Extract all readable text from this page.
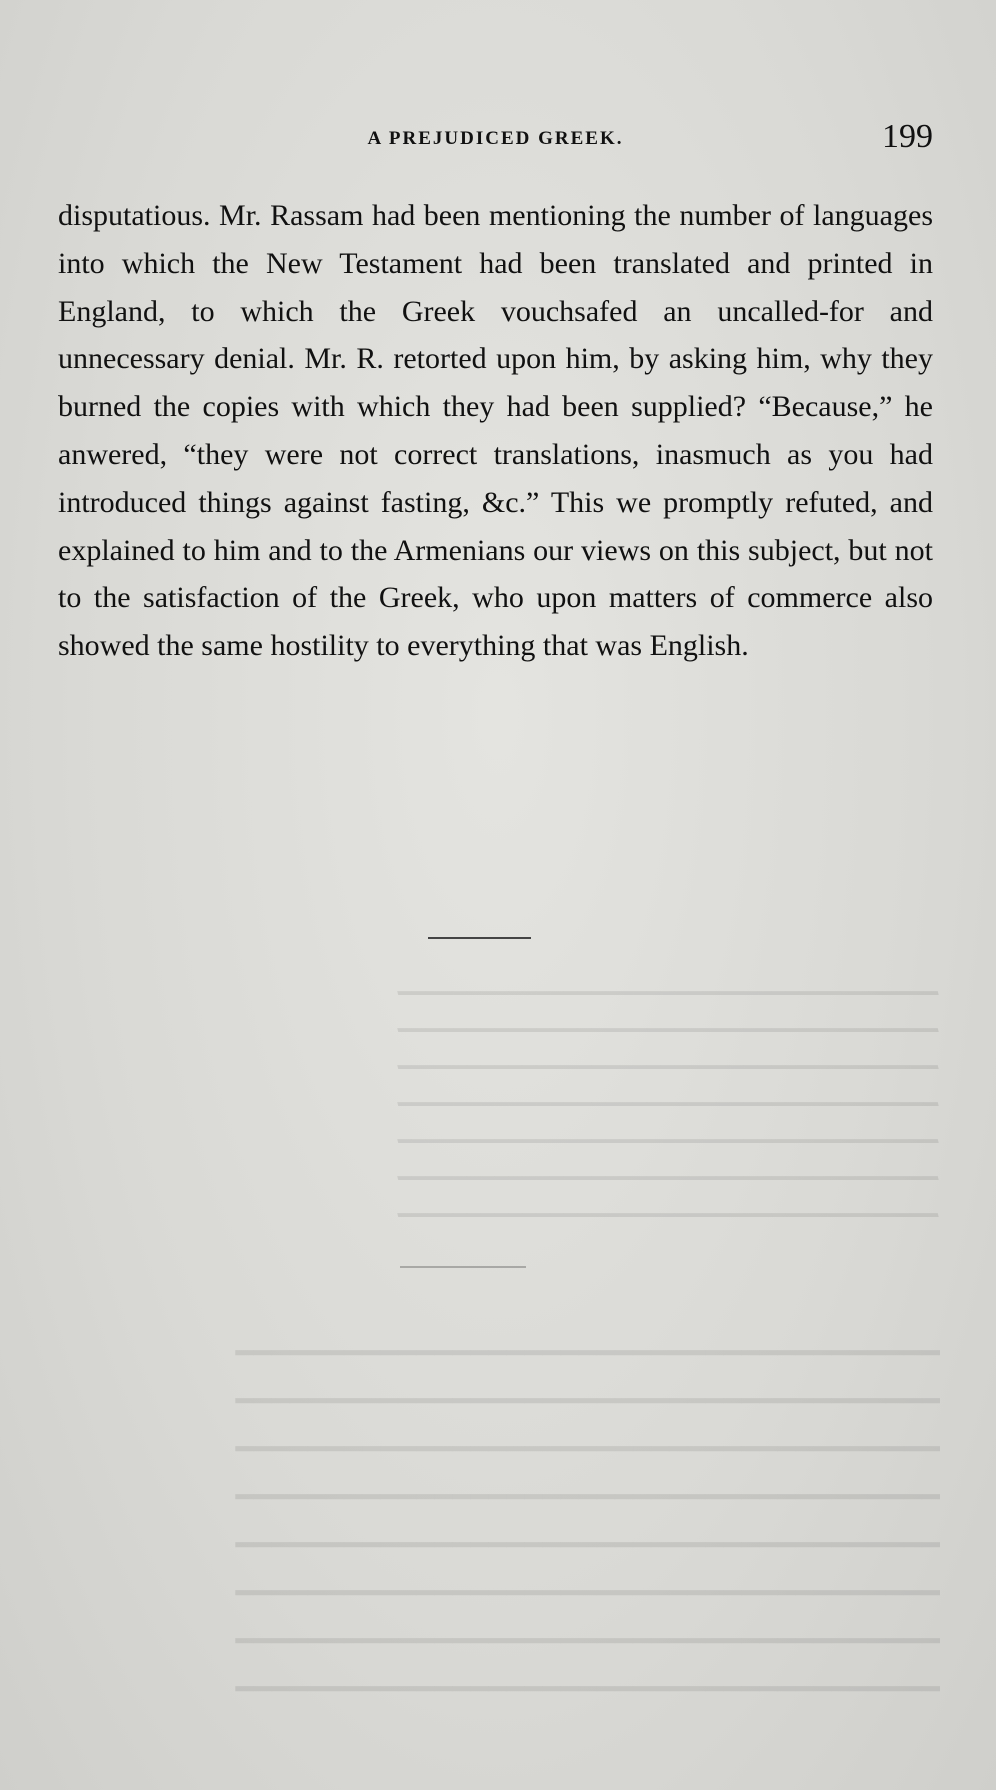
A PREJUDICED GREEK.	199

disputatious. Mr. Rassam had been mentioning the number of languages into which the New Testament had been translated and printed in England, to which the Greek vouchsafed an uncalled-for and unnecessary denial. Mr. R. retorted upon him, by asking him, why they burned the copies with which they had been supplied? “Because,” he anwered, “they were not correct translations, inasmuch as you had introduced things against fasting, &c.” This we promptly refuted, and explained to him and to the Armenians our views on this subject, but not to the satisfaction of the Greek, who upon matters of commerce also showed the same hostility to everything that was English.

━━━━━━━━━━━━━━━━━━━━━━━━━━━━━━━━━━━━━━━
━━━━━━━━━━━━━━━━━━━━━━━━━━━━━━━━━━━━━━━
━━━━━━━━━━━━━━━━━━━━━━━━━━━━━━━━━━━━━━━
━━━━━━━━━━━━━━━━━━━━━━━━━━━━━━━━━━━━━━━
━━━━━━━━━━━━━━━━━━━━━━━━━━━━━━━━━━━━━━━
━━━━━━━━━━━━━━━━━━━━━━━━━━━━━━━━━━━━━━━
━━━━━━━━━━━━━━━━━━━━━━━━━━━━━━━━━━━━━━━
━━━━━━━━━━━━━━━━━━━━━━━━━━━━━━━━━━━━━━━
━━━━━━━━━━━━━━━━━━━━━━━━━━━━━━━━━━━━━━━
━━━━━━━━━━━━━━━━━━━━━━━━━━━━━━━━━━━━━━━
━━━━━━━━━━━━━━━━━━━━━━━━━━━━━━━━━━━━━━━
━━━━━━━━━━━━━━━━━━━━━━━━━━━━━━━━━━━━━━━
━━━━━━━━━━━━━━━━━━━━━━━━━━━━━━━━━━━━━━━
━━━━━━━━━━━━━━━━━━━━━━━━━━━━━━━━━━━━━━━
━━━━━━━━━━━━━━━━━━━━━━━━━━━━━━━━━━━━━━━
